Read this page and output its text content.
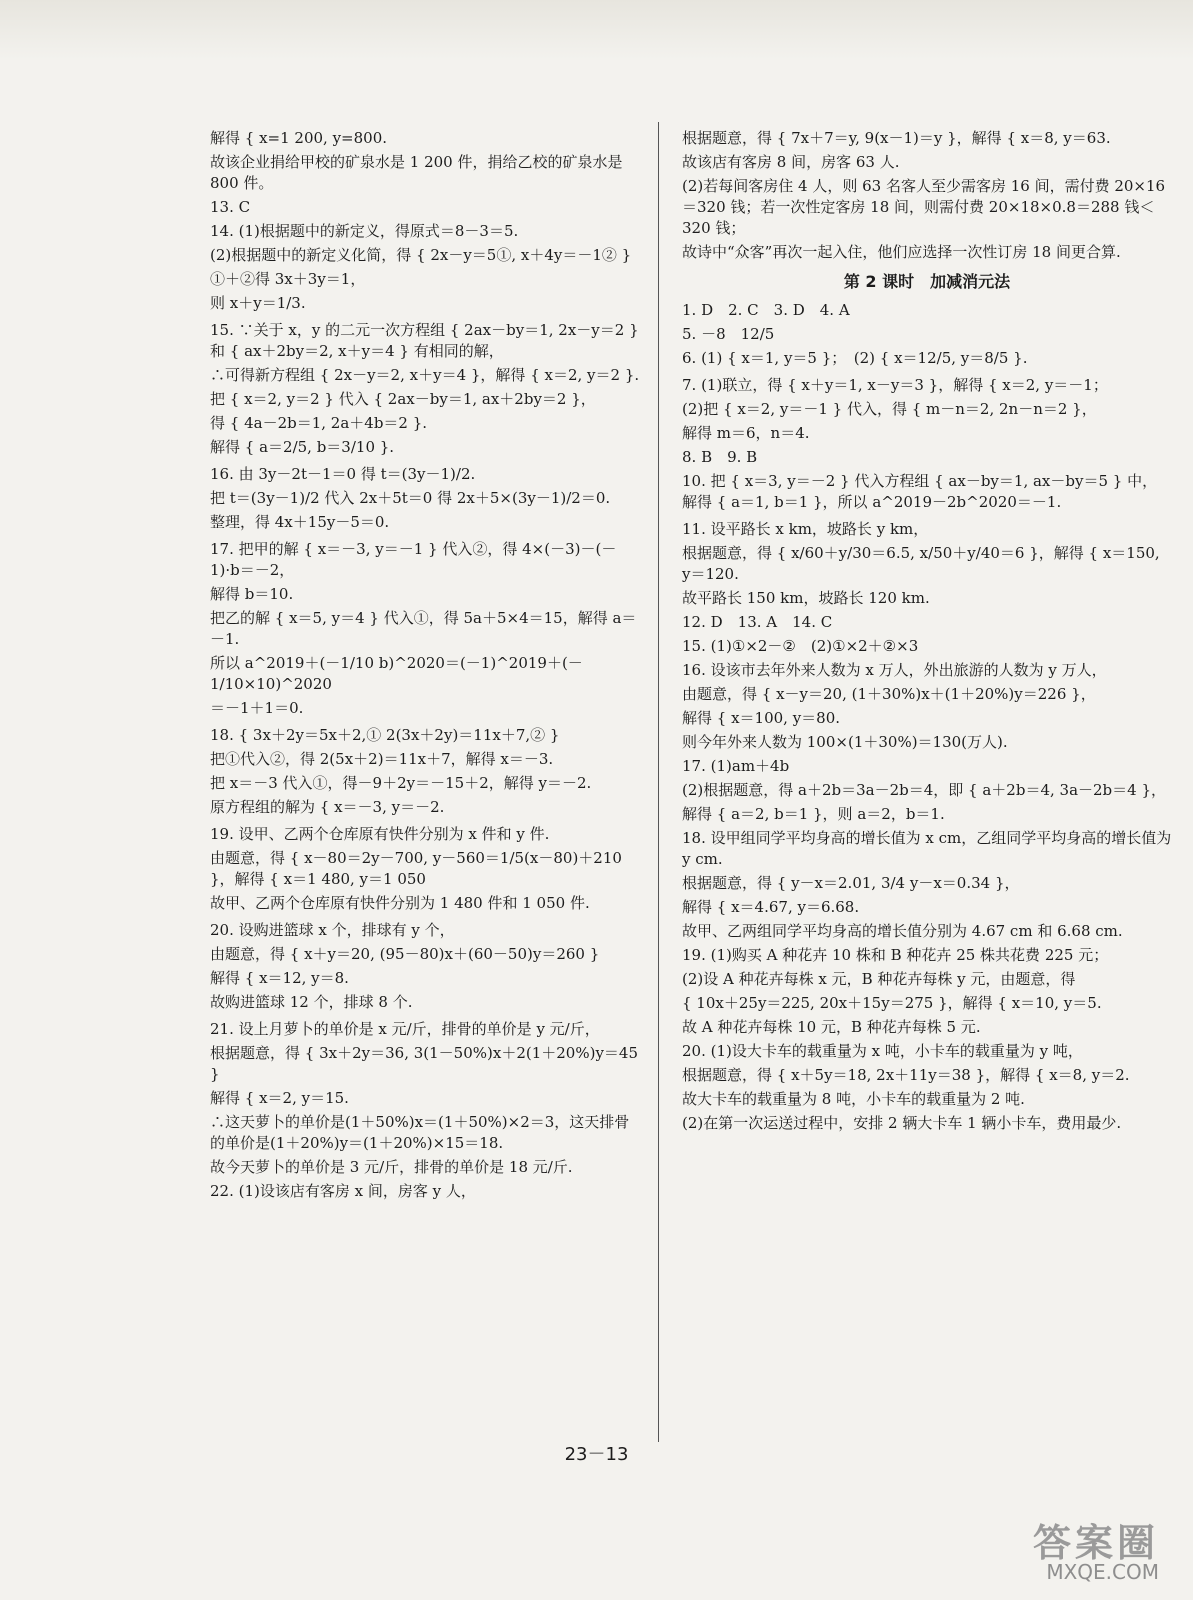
解得 { x=1 200, y=800.
故该企业捐给甲校的矿泉水是 1 200 件，捐给乙校的矿泉水是 800 件。
13. C
14. (1)根据题中的新定义，得原式＝8－3＝5.
(2)根据题中的新定义化简，得 { 2x－y＝5①, x＋4y＝－1② }
①＋②得 3x＋3y＝1，
则 x＋y＝1/3.
15. ∵关于 x，y 的二元一次方程组 { 2ax－by＝1, 2x－y＝2 } 和 { ax＋2by＝2, x＋y＝4 } 有相同的解，
∴可得新方程组 { 2x－y＝2, x＋y＝4 }，解得 { x＝2, y＝2 }.
把 { x＝2, y＝2 } 代入 { 2ax－by＝1, ax＋2by＝2 }，
得 { 4a－2b＝1, 2a＋4b＝2 }.
解得 { a＝2/5, b＝3/10 }.
16. 由 3y－2t－1＝0 得 t＝(3y－1)/2.
把 t＝(3y－1)/2 代入 2x＋5t＝0 得 2x＋5×(3y－1)/2＝0.
整理，得 4x＋15y－5＝0.
17. 把甲的解 { x＝－3, y＝－1 } 代入②，得 4×(－3)－(－1)·b＝－2，
解得 b＝10.
把乙的解 { x＝5, y＝4 } 代入①，得 5a＋5×4＝15，解得 a＝－1.
所以 a^2019＋(－1/10 b)^2020＝(－1)^2019＋(－1/10×10)^2020
＝－1＋1＝0.
18. { 3x＋2y＝5x＋2,① 2(3x＋2y)＝11x＋7,② }
把①代入②，得 2(5x＋2)＝11x＋7，解得 x＝－3.
把 x＝－3 代入①，得－9＋2y＝－15＋2，解得 y＝－2.
原方程组的解为 { x＝－3, y＝－2.
19. 设甲、乙两个仓库原有快件分别为 x 件和 y 件.
由题意，得 { x－80＝2y－700, y－560＝1/5(x－80)＋210 }，解得 { x＝1 480, y＝1 050
故甲、乙两个仓库原有快件分别为 1 480 件和 1 050 件.
20. 设购进篮球 x 个，排球有 y 个，
由题意，得 { x＋y＝20, (95－80)x＋(60－50)y＝260 }
解得 { x＝12, y＝8.
故购进篮球 12 个，排球 8 个.
21. 设上月萝卜的单价是 x 元/斤，排骨的单价是 y 元/斤，
根据题意，得 { 3x＋2y＝36, 3(1－50%)x＋2(1＋20%)y＝45 }
解得 { x＝2, y＝15.
∴这天萝卜的单价是(1＋50%)x＝(1＋50%)×2＝3，这天排骨的单价是(1＋20%)y＝(1＋20%)×15＝18.
故今天萝卜的单价是 3 元/斤，排骨的单价是 18 元/斤.
22. (1)设该店有客房 x 间，房客 y 人，
根据题意，得 { 7x＋7＝y, 9(x－1)＝y }，解得 { x＝8, y＝63.
故该店有客房 8 间，房客 63 人.
(2)若每间客房住 4 人，则 63 名客人至少需客房 16 间，需付费 20×16＝320 钱；若一次性定客房 18 间，则需付费 20×18×0.8＝288 钱＜320 钱；
故诗中“众客”再次一起入住，他们应选择一次性订房 18 间更合算.
第 2 课时　加减消元法
1. D　2. C　3. D　4. A
5. －8　12/5
6. (1) { x＝1, y＝5 }；　(2) { x＝12/5, y＝8/5 }.
7. (1)联立，得 { x＋y＝1, x－y＝3 }，解得 { x＝2, y＝－1；
(2)把 { x＝2, y＝－1 } 代入，得 { m－n＝2, 2n－n＝2 }，
解得 m＝6，n＝4.
8. B　9. B
10. 把 { x＝3, y＝－2 } 代入方程组 { ax－by＝1, ax－by＝5 } 中，解得 { a＝1, b＝1 }，所以 a^2019－2b^2020＝－1.
11. 设平路长 x km，坡路长 y km，
根据题意，得 { x/60＋y/30＝6.5, x/50＋y/40＝6 }，解得 { x＝150, y＝120.
故平路长 150 km，坡路长 120 km.
12. D　13. A　14. C
15. (1)①×2－②　(2)①×2＋②×3
16. 设该市去年外来人数为 x 万人，外出旅游的人数为 y 万人，
由题意，得 { x－y＝20, (1＋30%)x＋(1＋20%)y＝226 }，
解得 { x＝100, y＝80.
则今年外来人数为 100×(1＋30%)＝130(万人).
17. (1)am＋4b
(2)根据题意，得 a＋2b＝3a－2b＝4，即 { a＋2b＝4, 3a－2b＝4 }，
解得 { a＝2, b＝1 }，则 a＝2，b＝1.
18. 设甲组同学平均身高的增长值为 x cm，乙组同学平均身高的增长值为 y cm.
根据题意，得 { y－x＝2.01, 3/4 y－x＝0.34 }，
解得 { x＝4.67, y＝6.68.
故甲、乙两组同学平均身高的增长值分别为 4.67 cm 和 6.68 cm.
19. (1)购买 A 种花卉 10 株和 B 种花卉 25 株共花费 225 元；
(2)设 A 种花卉每株 x 元，B 种花卉每株 y 元，由题意，得
{ 10x＋25y＝225, 20x＋15y＝275 }，解得 { x＝10, y＝5.
故 A 种花卉每株 10 元，B 种花卉每株 5 元.
20. (1)设大卡车的载重量为 x 吨，小卡车的载重量为 y 吨，
根据题意，得 { x＋5y＝18, 2x＋11y＝38 }，解得 { x＝8, y＝2.
故大卡车的载重量为 8 吨，小卡车的载重量为 2 吨.
(2)在第一次运送过程中，安排 2 辆大卡车 1 辆小卡车，费用最少.
23－13
答案圈
MXQE.COM
